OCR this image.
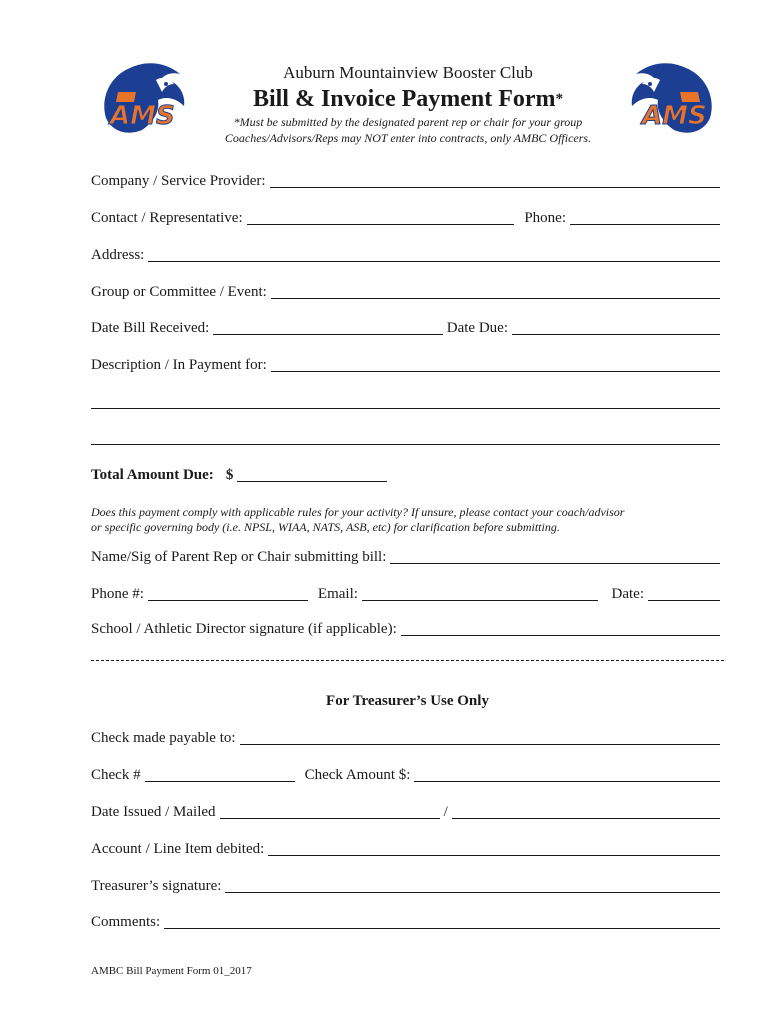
AMS	AMS
Auburn Mountainview Booster Club
Bill & Invoice Payment Form*
*Must be submitted by the designated parent rep or chair for your group
Coaches/Advisors/Reps may NOT enter into contracts, only AMBC Officers.
Company / Service Provider:
Contact / Representative:	Phone:
Address:
Group or Committee / Event:
Date Bill Received:	Date Due:
Description / In Payment for:
Total Amount Due: $
Does this payment comply with applicable rules for your activity? If unsure, please contact your coach/advisor
or specific governing body (i.e. NPSL, WIAA, NATS, ASB, etc) for clarification before submitting.
Name/Sig of Parent Rep or Chair submitting bill:
Phone #:	Email:	Date:
School / Athletic Director signature (if applicable):
For Treasurer’s Use Only
Check made payable to:
Check #	Check Amount $:
Date Issued / Mailed	/
Account / Line Item debited:
Treasurer’s signature:
Comments:
AMBC Bill Payment Form 01_2017
